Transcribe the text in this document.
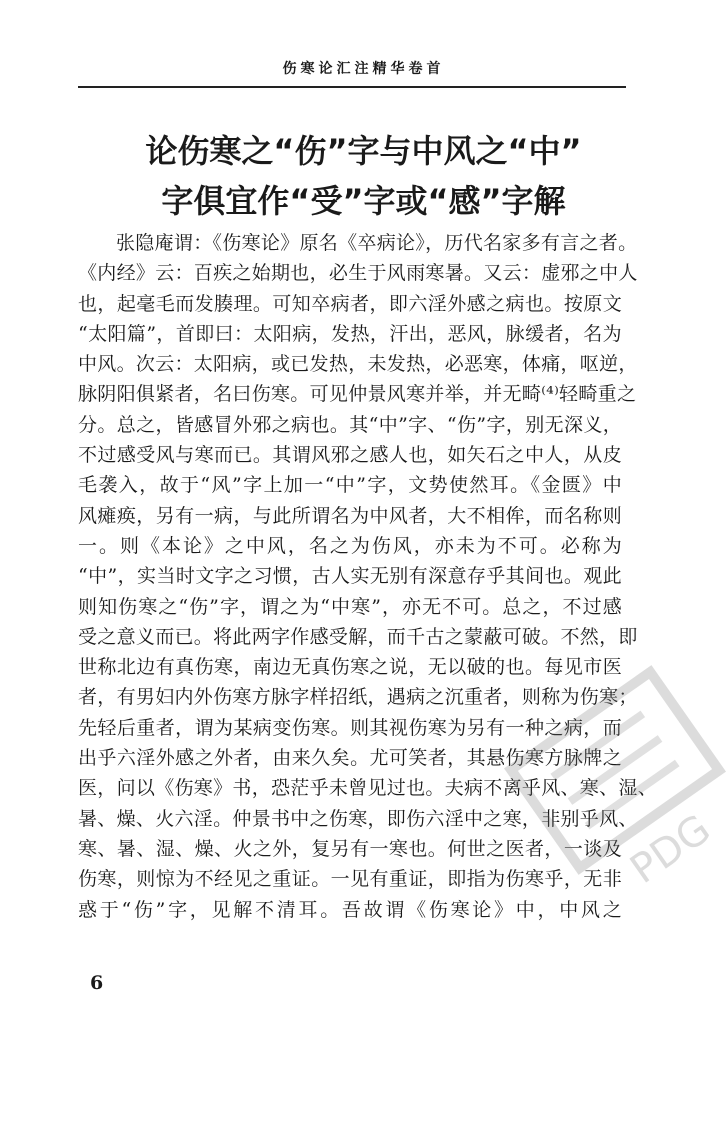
伤寒论汇注精华卷首
论伤寒之“伤”字与中风之“中”
字俱宜作“受”字或“感”字解
张隐庵谓：《伤寒论》原名《卒病论》，历代名家多有言之者。
《内经》云：百疾之始期也，必生于风雨寒暑。又云：虚邪之中人
也，起毫毛而发腠理。可知卒病者，即六淫外感之病也。按原文
“太阳篇”，首即曰：太阳病，发热，汗出，恶风，脉缓者，名为
中风。次云：太阳病，或已发热，未发热，必恶寒，体痛，呕逆，
脉阴阳俱紧者，名曰伤寒。可见仲景风寒并举，并无畸⁽⁴⁾轻畸重之
分。总之，皆感冒外邪之病也。其“中”字、“伤”字，别无深义，
不过感受风与寒而已。其谓风邪之感人也，如矢石之中人，从皮
毛袭入，故于“风”字上加一“中”字，文势使然耳。《金匮》中
风瘫痪，另有一病，与此所谓名为中风者，大不相侔，而名称则
一。则《本论》之中风，名之为伤风，亦未为不可。必称为
“中”，实当时文字之习惯，古人实无别有深意存乎其间也。观此
则知伤寒之“伤”字，谓之为“中寒”，亦无不可。总之，不过感
受之意义而已。将此两字作感受解，而千古之蒙蔽可破。不然，即
世称北边有真伤寒，南边无真伤寒之说，无以破的也。每见市医
者，有男妇内外伤寒方脉字样招纸，遇病之沉重者，则称为伤寒；
先轻后重者，谓为某病变伤寒。则其视伤寒为另有一种之病，而
出乎六淫外感之外者，由来久矣。尤可笑者，其悬伤寒方脉牌之
医，问以《伤寒》书，恐茫乎未曾见过也。夫病不离乎风、寒、湿、
暑、燥、火六淫。仲景书中之伤寒，即伤六淫中之寒，非别乎风、
寒、暑、湿、燥、火之外，复另有一寒也。何世之医者，一谈及
伤寒，则惊为不经见之重证。一见有重证，即指为伤寒乎，无非
惑于“伤”字，见解不清耳。吾故谓《伤寒论》中，中风之
6
PDG
